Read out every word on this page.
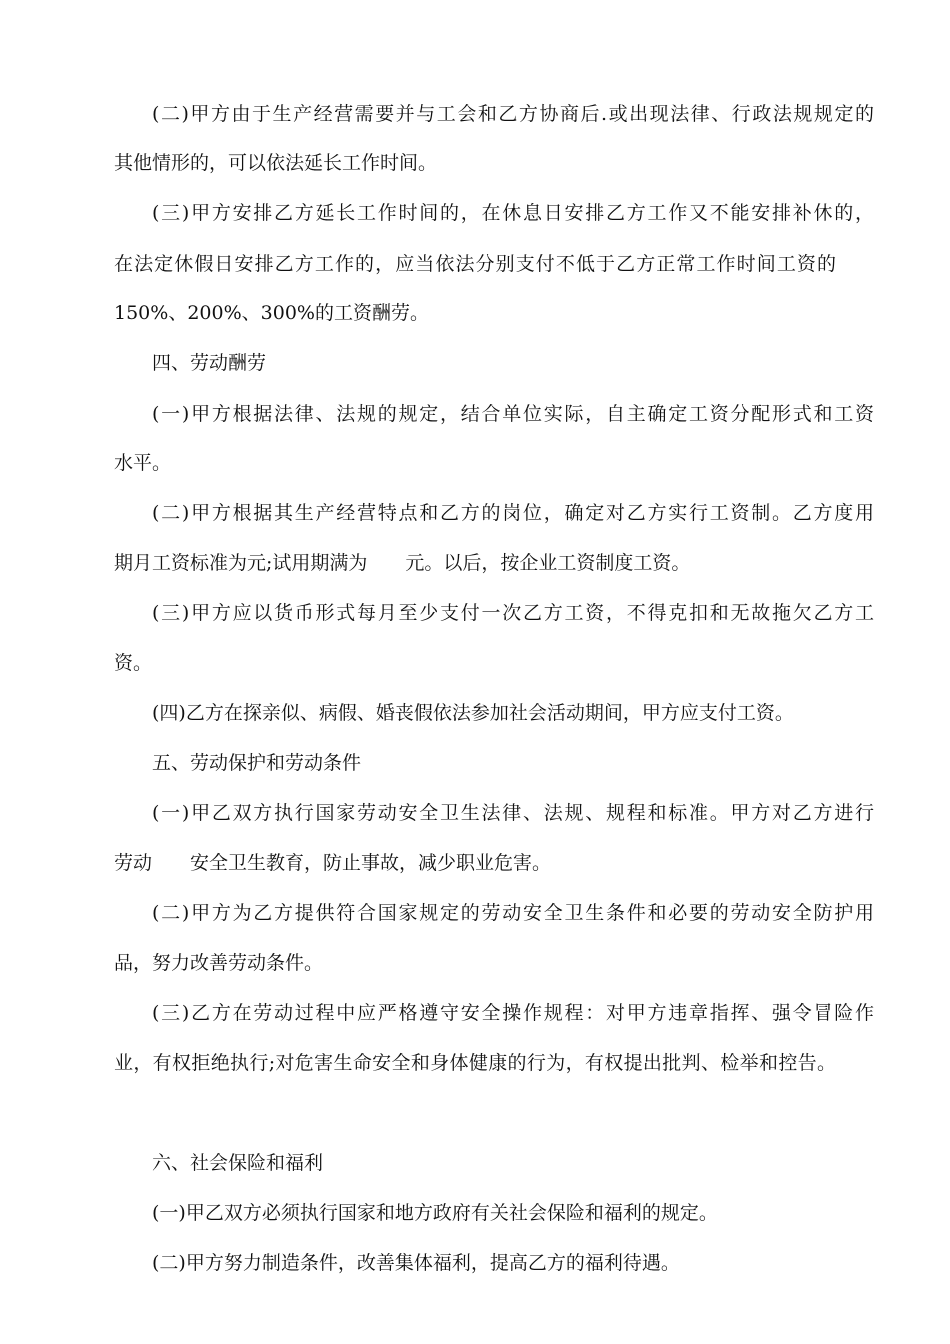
(二)甲方由于生产经营需要并与工会和乙方协商后.或出现法律、行政法规规定的
其他情形的，可以依法延长工作时间。
(三)甲方安排乙方延长工作时间的，在休息日安排乙方工作又不能安排补休的，
在法定休假日安排乙方工作的，应当依法分别支付不低于乙方正常工作时间工资的
150%、200%、300%的工资酬劳。
四、劳动酬劳
(一)甲方根据法律、法规的规定，结合单位实际，自主确定工资分配形式和工资
水平。
(二)甲方根据其生产经营特点和乙方的岗位，确定对乙方实行工资制。乙方度用
期月工资标准为元;试用期满为　　元。以后，按企业工资制度工资。
(三)甲方应以货币形式每月至少支付一次乙方工资，不得克扣和无故拖欠乙方工
资。
(四)乙方在探亲似、病假、婚丧假依法参加社会活动期间，甲方应支付工资。
五、劳动保护和劳动条件
(一)甲乙双方执行国家劳动安全卫生法律、法规、规程和标准。甲方对乙方进行
劳动　　安全卫生教育，防止事故，减少职业危害。
(二)甲方为乙方提供符合国家规定的劳动安全卫生条件和必要的劳动安全防护用
品，努力改善劳动条件。
(三)乙方在劳动过程中应严格遵守安全操作规程：对甲方违章指挥、强令冒险作
业，有权拒绝执行;对危害生命安全和身体健康的行为，有权提出批判、检举和控告。
六、社会保险和福利
(一)甲乙双方必须执行国家和地方政府有关社会保险和福利的规定。
(二)甲方努力制造条件，改善集体福利，提高乙方的福利待遇。
